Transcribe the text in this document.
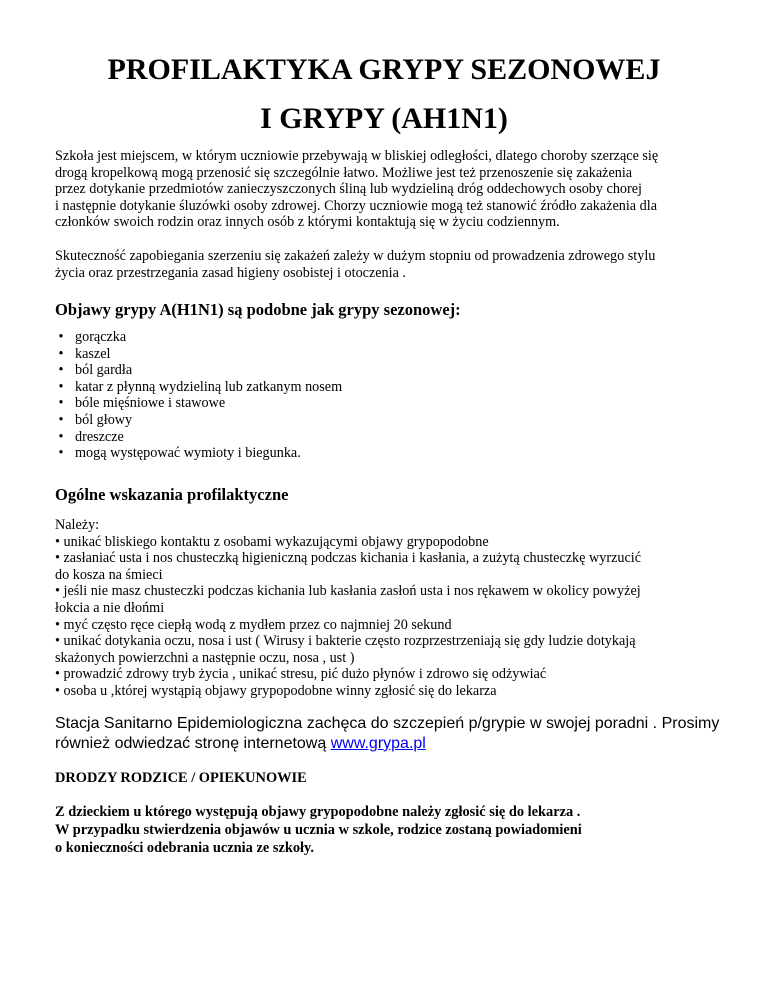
PROFILAKTYKA GRYPY SEZONOWEJ
I GRYPY (AH1N1)

Szkoła jest miejscem, w którym uczniowie przebywają w bliskiej odległości, dlatego choroby szerzące się
drogą kropelkową mogą przenosić się szczególnie łatwo. Możliwe jest też przenoszenie się zakażenia
przez dotykanie przedmiotów zanieczyszczonych śliną lub wydzieliną dróg oddechowych osoby chorej
i następnie dotykanie śluzówki osoby zdrowej. Chorzy uczniowie mogą też stanowić źródło zakażenia dla
członków swoich rodzin oraz innych osób z którymi kontaktują się w życiu codziennym.

Skuteczność zapobiegania szerzeniu się zakażeń zależy w dużym stopniu od prowadzenia zdrowego stylu
życia oraz przestrzegania zasad higieny osobistej i otoczenia .

Objawy grypy A(H1N1) są podobne jak grypy sezonowej:
• gorączka
• kaszel
• ból gardła
• katar z płynną wydzieliną lub zatkanym nosem
• bóle mięśniowe i stawowe
• ból głowy
• dreszcze
• mogą występować wymioty i biegunka.
Ogólne wskazania profilaktyczne

Należy:
• unikać bliskiego kontaktu z osobami wykazującymi objawy grypopodobne
• zasłaniać usta i nos chusteczką higieniczną podczas kichania i kasłania, a zużytą chusteczkę wyrzucić
do kosza na śmieci
• jeśli nie masz chusteczki podczas kichania lub kasłania zasłoń usta i nos rękawem w okolicy powyżej
łokcia a nie dłońmi
• myć często ręce ciepłą wodą z mydłem przez co najmniej 20 sekund
• unikać dotykania oczu, nosa i ust ( Wirusy i bakterie często rozprzestrzeniają się gdy ludzie dotykają
skażonych powierzchni a następnie oczu, nosa , ust )
• prowadzić zdrowy tryb życia , unikać stresu, pić dużo płynów i zdrowo się odżywiać
• osoba u ,której wystąpią objawy grypopodobne winny zgłosić się do lekarza

Stacja Sanitarno Epidemiologiczna zachęca do szczepień p/grypie w swojej poradni . Prosimy
również odwiedzać stronę internetową www.grypa.pl

DRODZY RODZICE / OPIEKUNOWIE

Z dzieckiem u którego występują objawy grypopodobne należy zgłosić się do lekarza .
W przypadku stwierdzenia objawów u ucznia w szkole, rodzice zostaną powiadomieni
o konieczności odebrania ucznia ze szkoły.
